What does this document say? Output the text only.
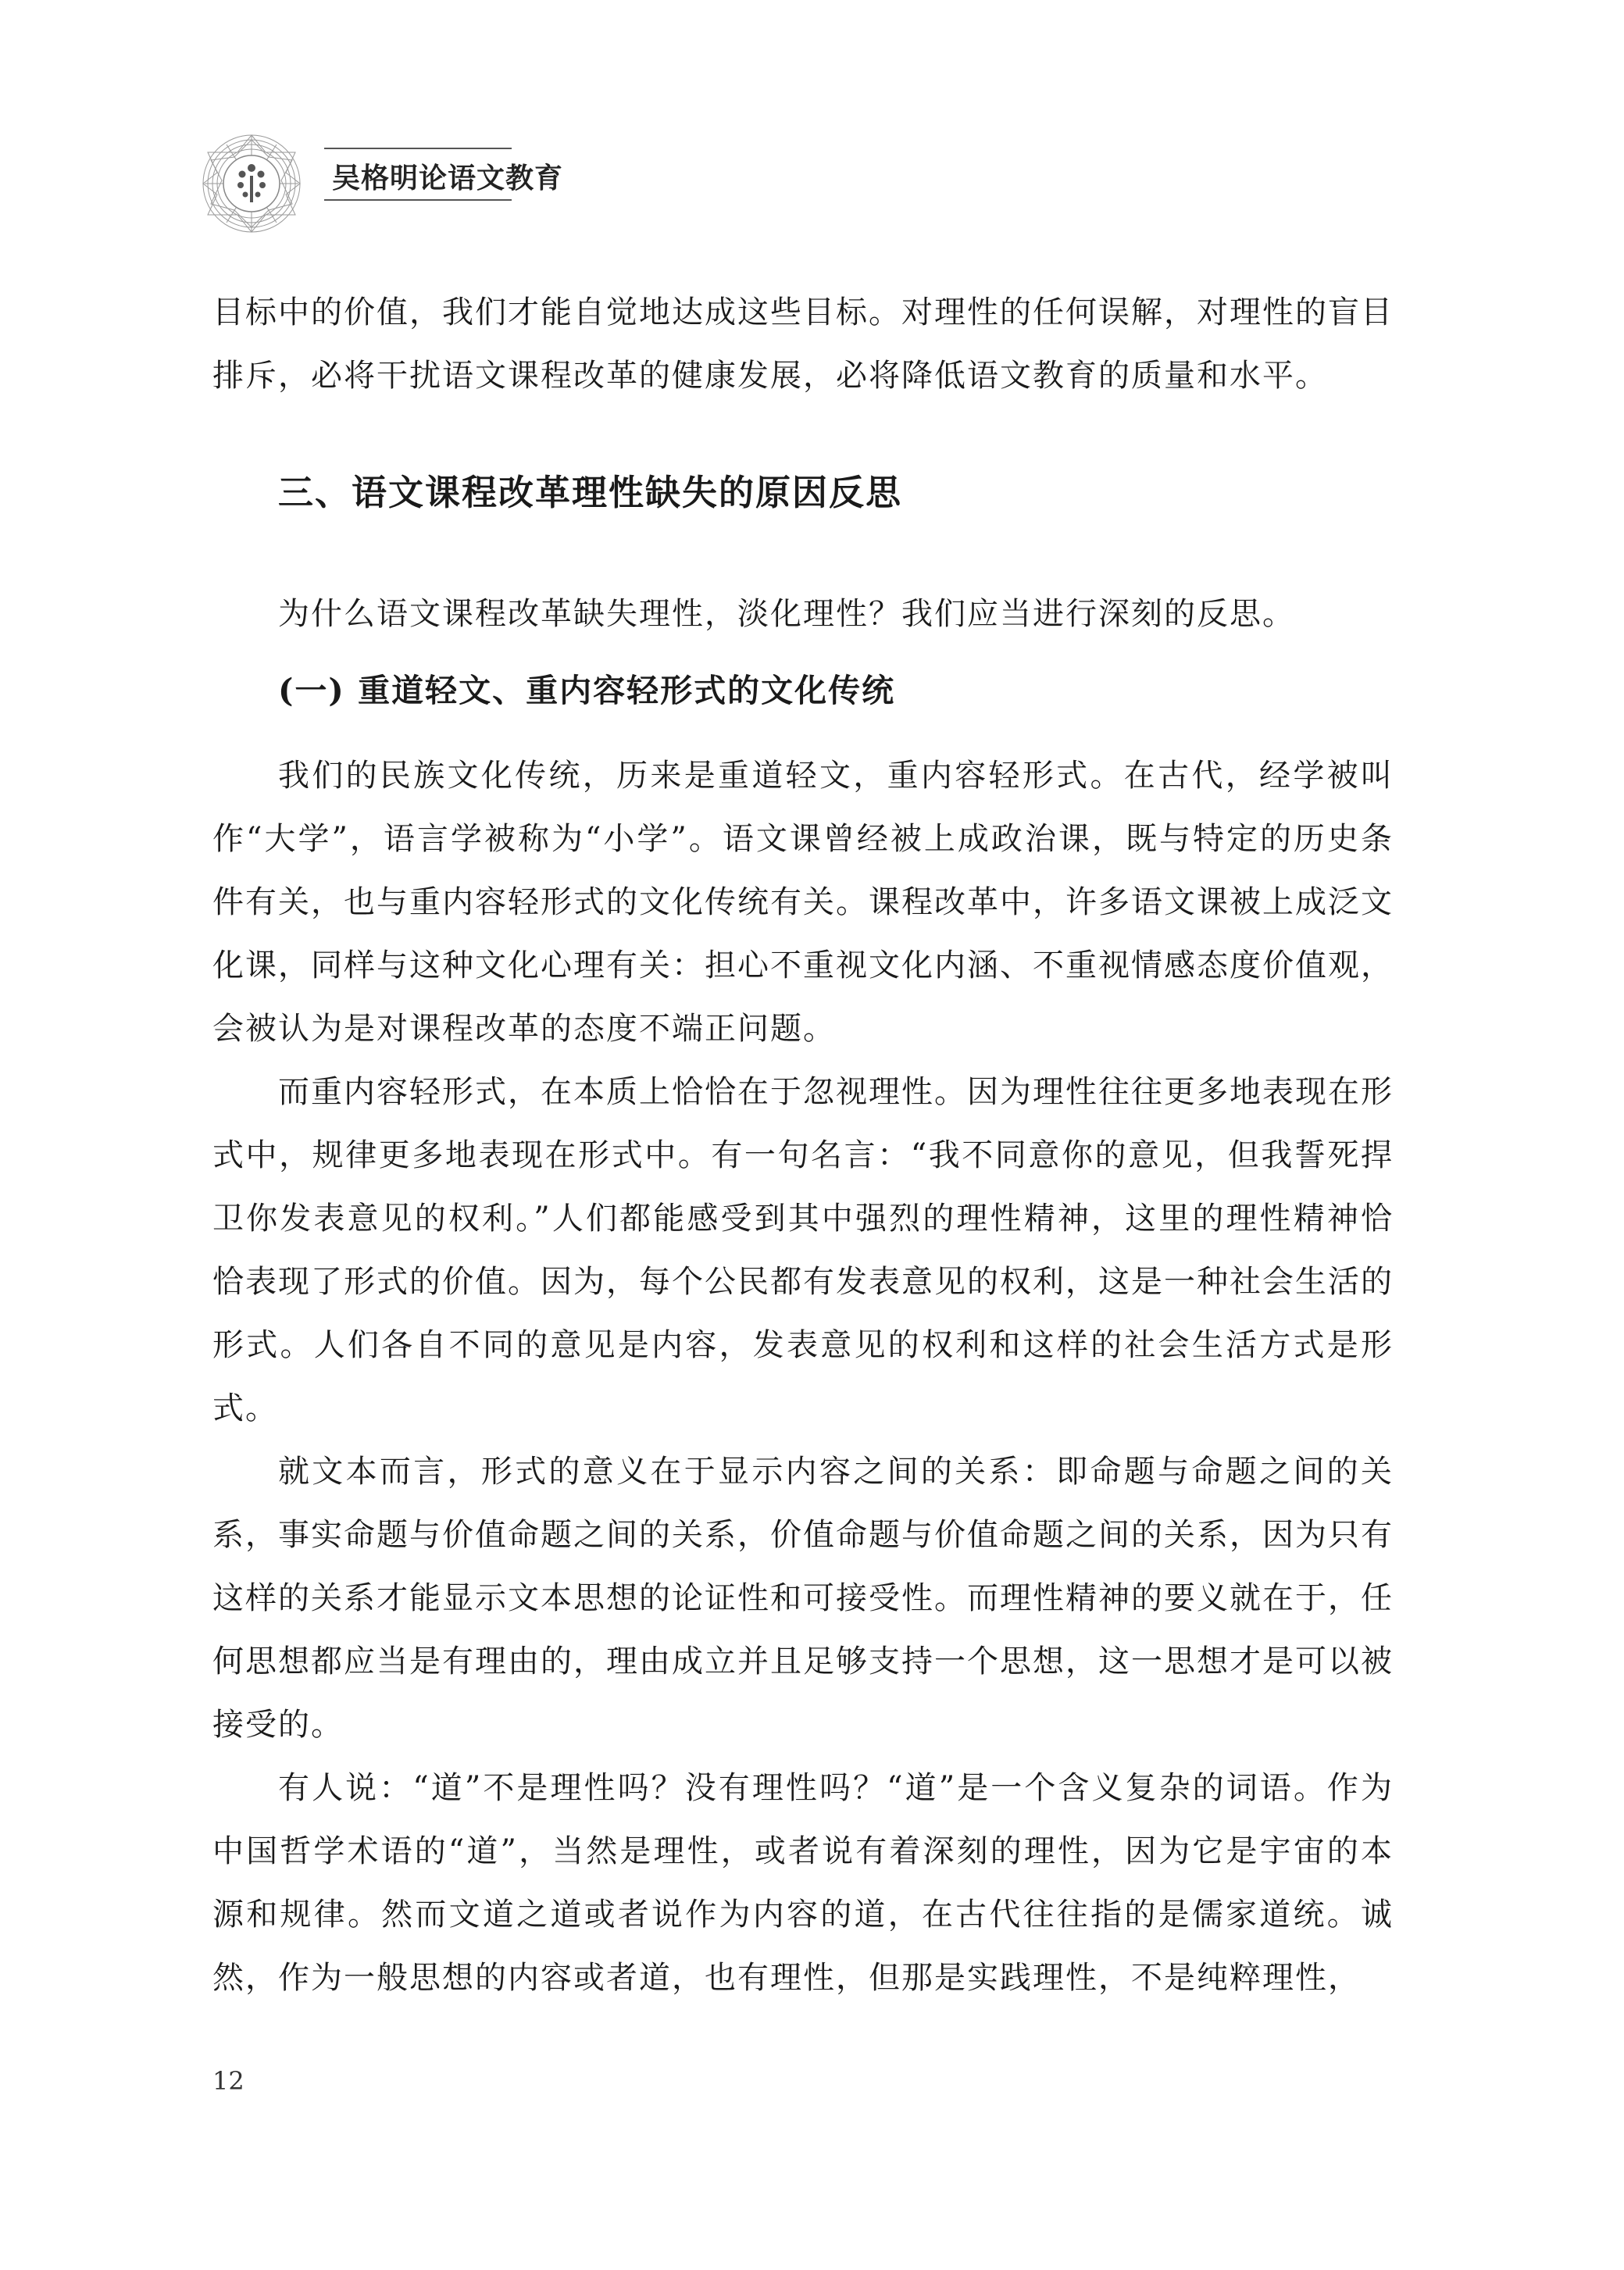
吴格明论语文教育

目标中的价值，我们才能自觉地达成这些目标。对理性的任何误解，对理性的盲目排斥，必将干扰语文课程改革的健康发展，必将降低语文教育的质量和水平。

三、语文课程改革理性缺失的原因反思

为什么语文课程改革缺失理性，淡化理性？我们应当进行深刻的反思。

(一) 重道轻文、重内容轻形式的文化传统

我们的民族文化传统，历来是重道轻文，重内容轻形式。在古代，经学被叫作“大学”，语言学被称为“小学”。语文课曾经被上成政治课，既与特定的历史条件有关，也与重内容轻形式的文化传统有关。课程改革中，许多语文课被上成泛文化课，同样与这种文化心理有关：担心不重视文化内涵、不重视情感态度价值观，会被认为是对课程改革的态度不端正问题。

而重内容轻形式，在本质上恰恰在于忽视理性。因为理性往往更多地表现在形式中，规律更多地表现在形式中。有一句名言：“我不同意你的意见，但我誓死捍卫你发表意见的权利。”人们都能感受到其中强烈的理性精神，这里的理性精神恰恰表现了形式的价值。因为，每个公民都有发表意见的权利，这是一种社会生活的形式。人们各自不同的意见是内容，发表意见的权利和这样的社会生活方式是形式。

就文本而言，形式的意义在于显示内容之间的关系：即命题与命题之间的关系，事实命题与价值命题之间的关系，价值命题与价值命题之间的关系，因为只有这样的关系才能显示文本思想的论证性和可接受性。而理性精神的要义就在于，任何思想都应当是有理由的，理由成立并且足够支持一个思想，这一思想才是可以被接受的。

有人说：“道”不是理性吗？没有理性吗？“道”是一个含义复杂的词语。作为中国哲学术语的“道”，当然是理性，或者说有着深刻的理性，因为它是宇宙的本源和规律。然而文道之道或者说作为内容的道，在古代往往指的是儒家道统。诚然，作为一般思想的内容或者道，也有理性，但那是实践理性，不是纯粹理性，

12
